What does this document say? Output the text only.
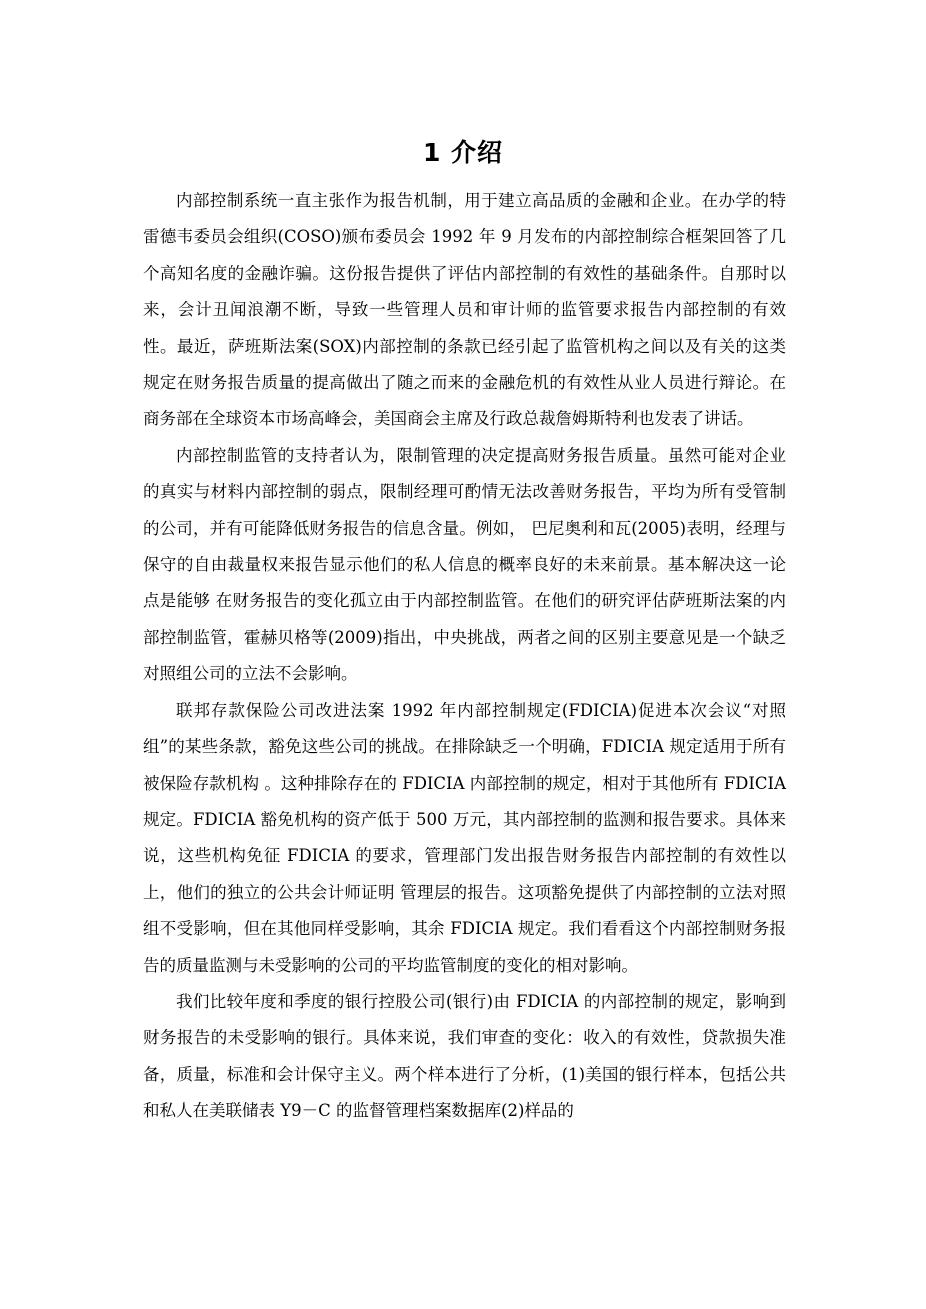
1 介绍

内部控制系统一直主张作为报告机制，用于建立高品质的金融和企业。在办学的特雷德韦委员会组织(COSO)颁布委员会 1992 年 9 月发布的内部控制综合框架回答了几个高知名度的金融诈骗。这份报告提供了评估内部控制的有效性的基础条件。自那时以来，会计丑闻浪潮不断，导致一些管理人员和审计师的监管要求报告内部控制的有效性。最近，萨班斯法案(SOX)内部控制的条款已经引起了监管机构之间以及有关的这类规定在财务报告质量的提高做出了随之而来的金融危机的有效性从业人员进行辩论。在商务部在全球资本市场高峰会，美国商会主席及行政总裁詹姆斯特利也发表了讲话。

内部控制监管的支持者认为，限制管理的决定提高财务报告质量。虽然可能对企业的真实与材料内部控制的弱点，限制经理可酌情无法改善财务报告，平均为所有受管制的公司，并有可能降低财务报告的信息含量。例如， 巴尼奥利和瓦(2005)表明，经理与保守的自由裁量权来报告显示他们的私人信息的概率良好的未来前景。基本解决这一论点是能够 在财务报告的变化孤立由于内部控制监管。在他们的研究评估萨班斯法案的内部控制监管，霍赫贝格等(2009)指出，中央挑战，两者之间的区别主要意见是一个缺乏对照组公司的立法不会影响。

联邦存款保险公司改进法案 1992 年内部控制规定(FDICIA)促进本次会议“对照组”的某些条款，豁免这些公司的挑战。在排除缺乏一个明确，FDICIA 规定适用于所有被保险存款机构 。这种排除存在的 FDICIA 内部控制的规定，相对于其他所有 FDICIA 规定。FDICIA 豁免机构的资产低于 500 万元，其内部控制的监测和报告要求。具体来说，这些机构免征 FDICIA 的要求，管理部门发出报告财务报告内部控制的有效性以上，他们的独立的公共会计师证明 管理层的报告。这项豁免提供了内部控制的立法对照组不受影响，但在其他同样受影响，其余 FDICIA 规定。我们看看这个内部控制财务报告的质量监测与未受影响的公司的平均监管制度的变化的相对影响。

我们比较年度和季度的银行控股公司(银行)由 FDICIA 的内部控制的规定，影响到财务报告的未受影响的银行。具体来说，我们审查的变化：收入的有效性，贷款损失准备，质量，标准和会计保守主义。两个样本进行了分析，(1)美国的银行样本，包括公共和私人在美联储表 Y9－C 的监督管理档案数据库(2)样品的
